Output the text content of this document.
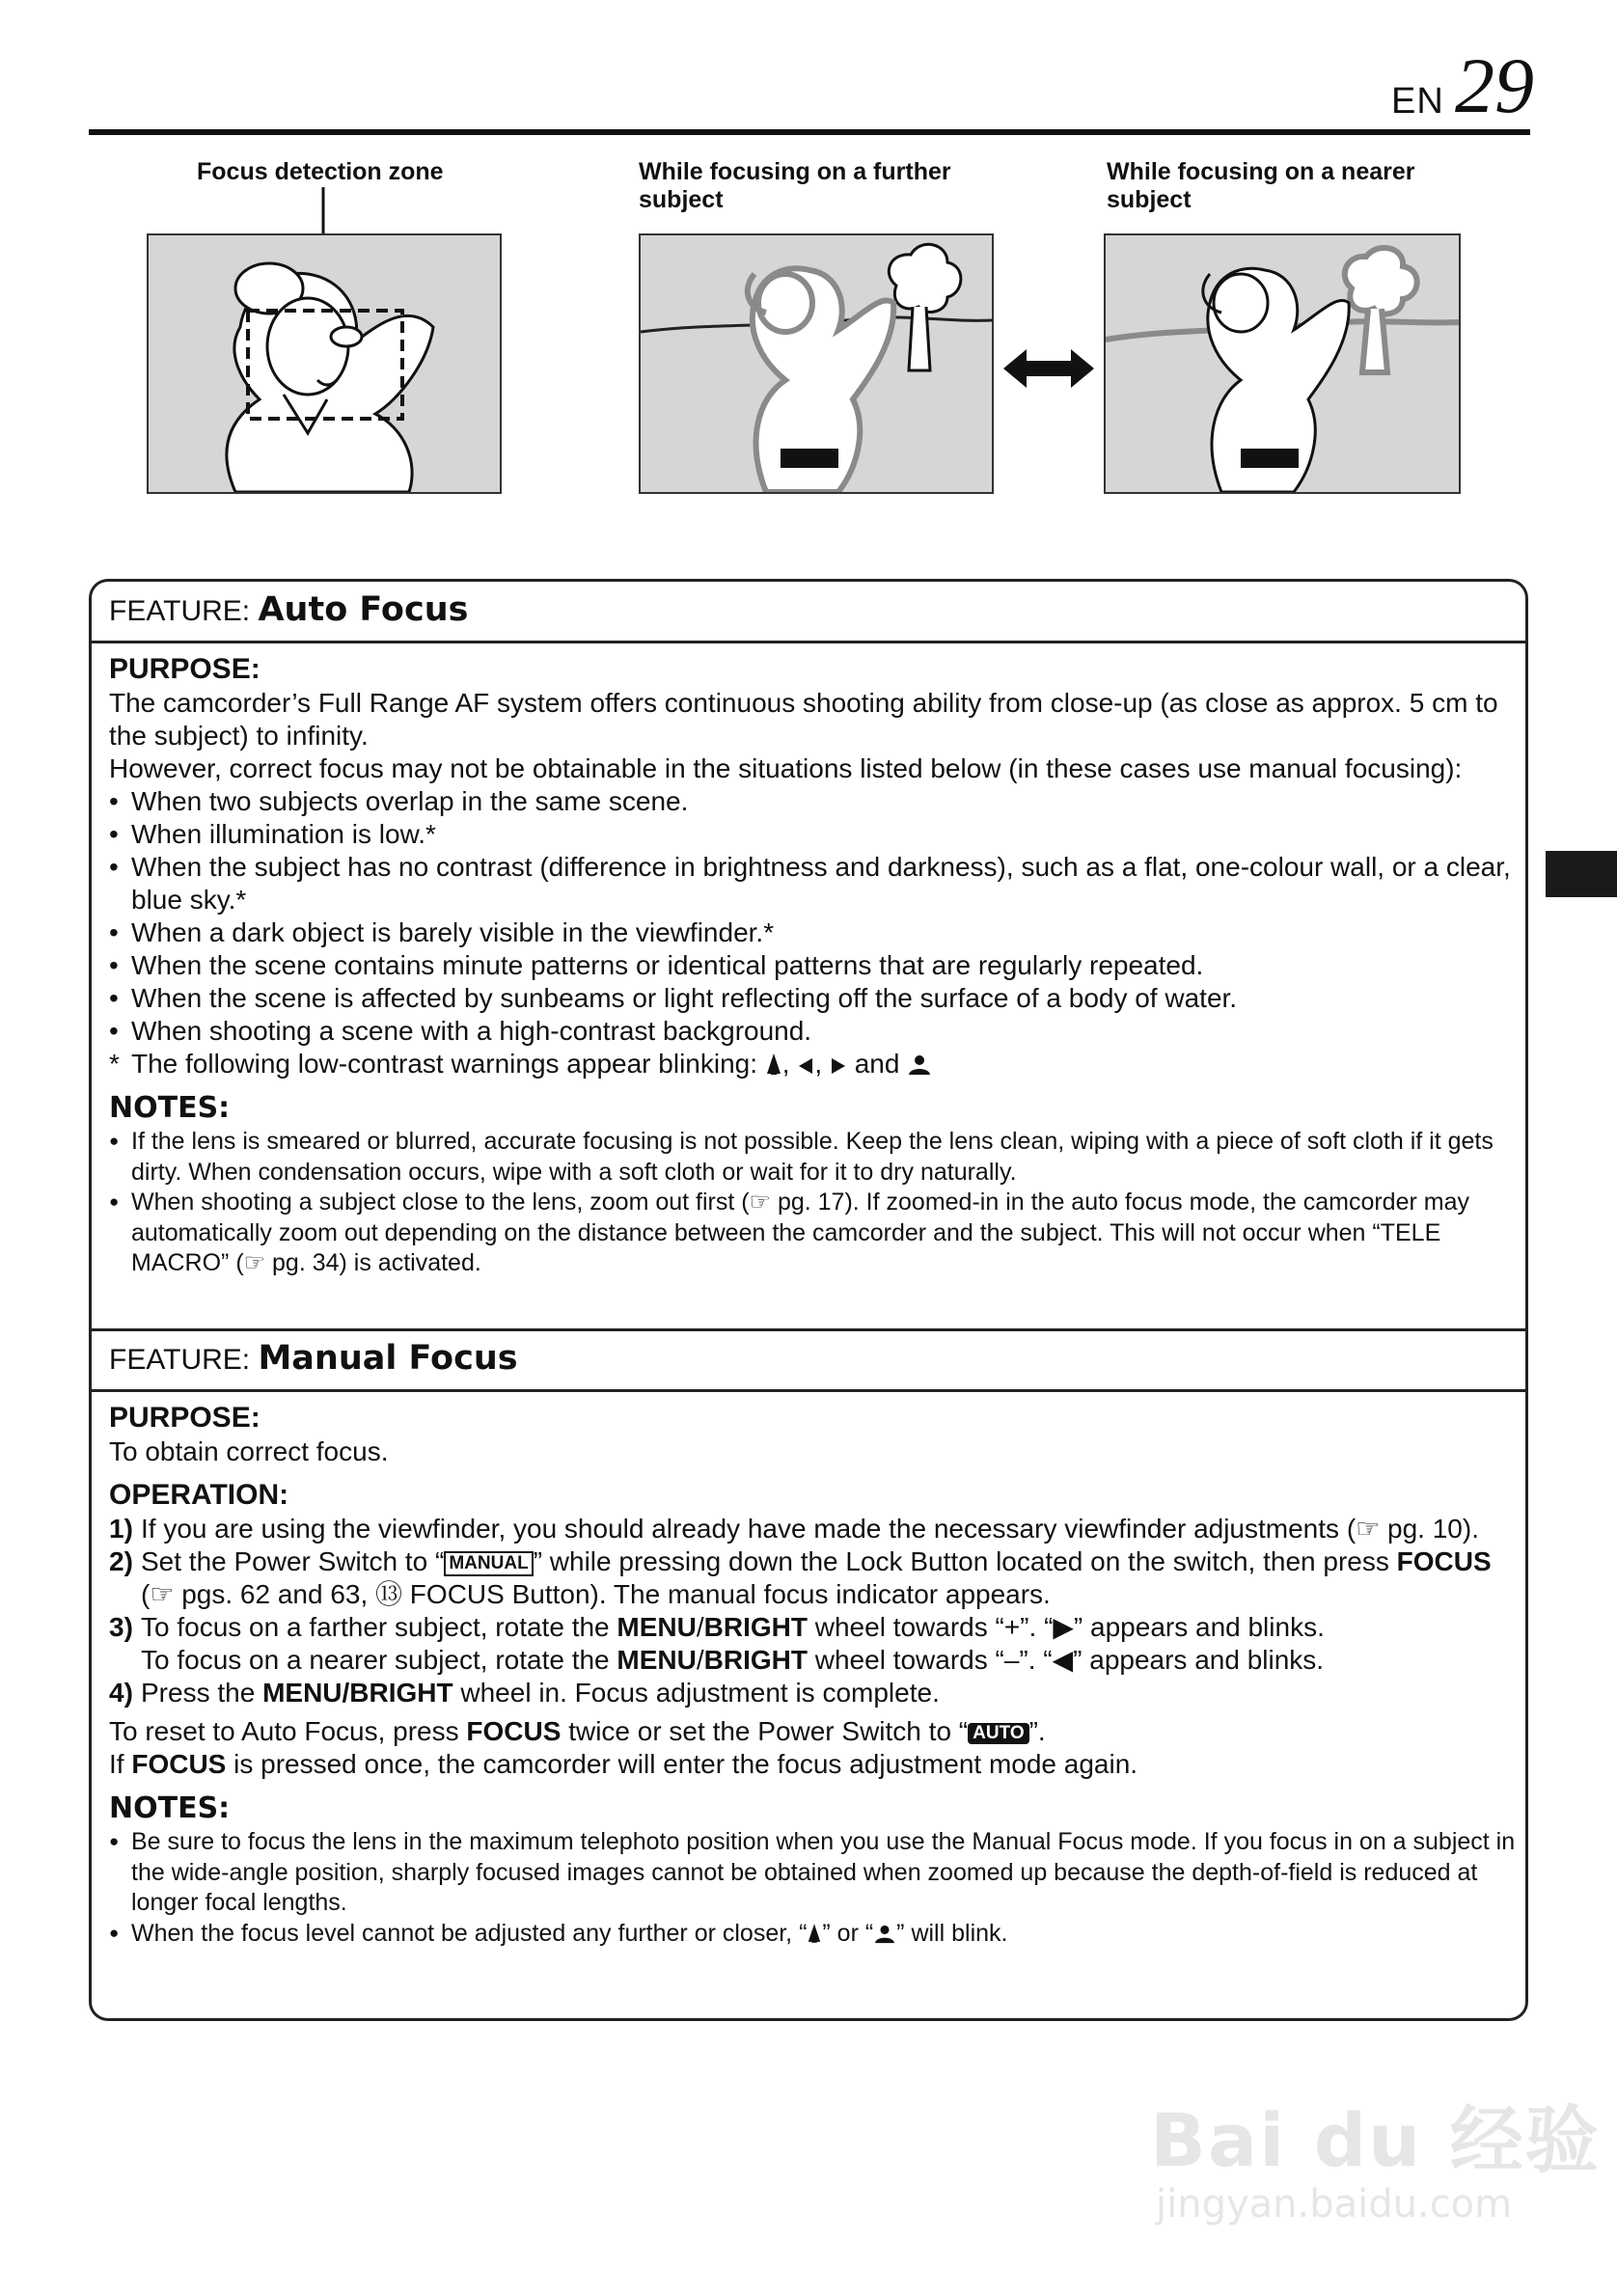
EN 29
Focus detection zone	While focusing on a further subject
While focusing on a nearer subject
FEATURE: Auto Focus
PURPOSE:

The camcorder’s Full Range AF system offers continuous shooting ability from close-up (as close as approx. 5 cm to the subject) to infinity.

However, correct focus may not be obtainable in the situations listed below (in these cases use manual focusing):

• When two subjects overlap in the same scene.
• When illumination is low.*
• When the subject has no contrast (difference in brightness and darkness), such as a flat, one-colour wall, or a clear, blue sky.*
• When a dark object is barely visible in the viewfinder.*
• When the scene contains minute patterns or identical patterns that are regularly repeated.
• When the scene is affected by sunbeams or light reflecting off the surface of a body of water.
• When shooting a scene with a high-contrast background.
* The following low-contrast warnings appear blinking: , , and
NOTES:
● If the lens is smeared or blurred, accurate focusing is not possible. Keep the lens clean, wiping with a piece of soft cloth if it gets dirty. When condensation occurs, wipe with a soft cloth or wait for it to dry naturally.
● When shooting a subject close to the lens, zoom out first (☞ pg. 17). If zoomed-in in the auto focus mode, the camcorder may automatically zoom out depending on the distance between the camcorder and the subject. This will not occur when “TELE MACRO” (☞ pg. 34) is activated.
FEATURE: Manual Focus
PURPOSE:

To obtain correct focus.

OPERATION:
1) If you are using the viewfinder, you should already have made the necessary viewfinder adjustments (☞ pg. 10).
2) Set the Power Switch to “ MANUAL ” while pressing down the Lock Button located on the switch, then press FOCUS (☞ pgs. 62 and 63, ⑬ FOCUS Button). The manual focus indicator appears.
3) To focus on a farther subject, rotate the MENU/BRIGHT wheel towards “+”. “▶” appears and blinks.
To focus on a nearer subject, rotate the MENU/BRIGHT wheel towards “–”. “◀” appears and blinks.
4) Press the MENU/BRIGHT wheel in. Focus adjustment is complete.

To reset to Auto Focus, press FOCUS twice or set the Power Switch to “ AUTO ”.

If FOCUS is pressed once, the camcorder will enter the focus adjustment mode again.

NOTES:
● Be sure to focus the lens in the maximum telephoto position when you use the Manual Focus mode. If you focus in on a subject in the wide-angle position, sharply focused images cannot be obtained when zoomed up because the depth-of-field is reduced at longer focal lengths.
● When the focus level cannot be adjusted any further or closer, “ ” or “ ” will blink.
Bai du 经验
jingyan.baidu.com
